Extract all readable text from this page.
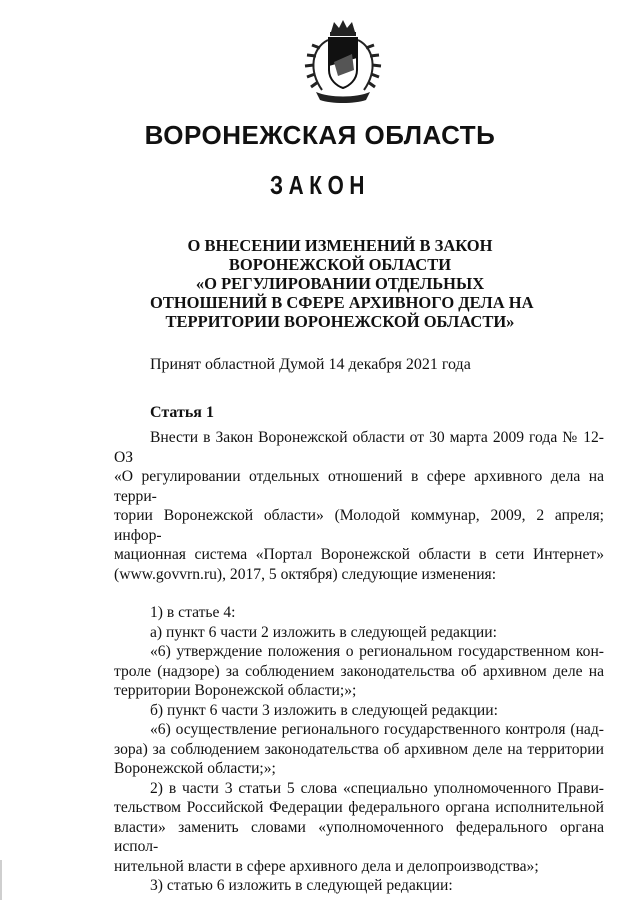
ВОРОНЕЖСКАЯ ОБЛАСТЬ
ЗАКОН
О ВНЕСЕНИИ ИЗМЕНЕНИЙ В ЗАКОН
ВОРОНЕЖСКОЙ ОБЛАСТИ
«О РЕГУЛИРОВАНИИ ОТДЕЛЬНЫХ
ОТНОШЕНИЙ В СФЕРЕ АРХИВНОГО ДЕЛА НА
ТЕРРИТОРИИ ВОРОНЕЖСКОЙ ОБЛАСТИ»
Принят областной Думой 14 декабря 2021 года
Статья 1

Внести в Закон Воронежской области от 30 марта 2009 года № 12-ОЗ

«О регулировании отдельных отношений в сфере архивного дела на терри-

тории Воронежской области» (Молодой коммунар, 2009, 2 апреля; инфор-

мационная система «Портал Воронежской области в сети Интернет»

(www.govvrn.ru), 2017, 5 октября) следующие изменения:

1) в статье 4:

а) пункт 6 части 2 изложить в следующей редакции:

«6) утверждение положения о региональном государственном кон-

троле (надзоре) за соблюдением законодательства об архивном деле на

территории Воронежской области;»;

б) пункт 6 части 3 изложить в следующей редакции:

«6) осуществление регионального государственного контроля (над-

зора) за соблюдением законодательства об архивном деле на территории

Воронежской области;»;

2) в части 3 статьи 5 слова «специально уполномоченного Прави-

тельством Российской Федерации федерального органа исполнительной

власти» заменить словами «уполномоченного федерального органа испол-

нительной власти в сфере архивного дела и делопроизводства»;

3) статью 6 изложить в следующей редакции:
